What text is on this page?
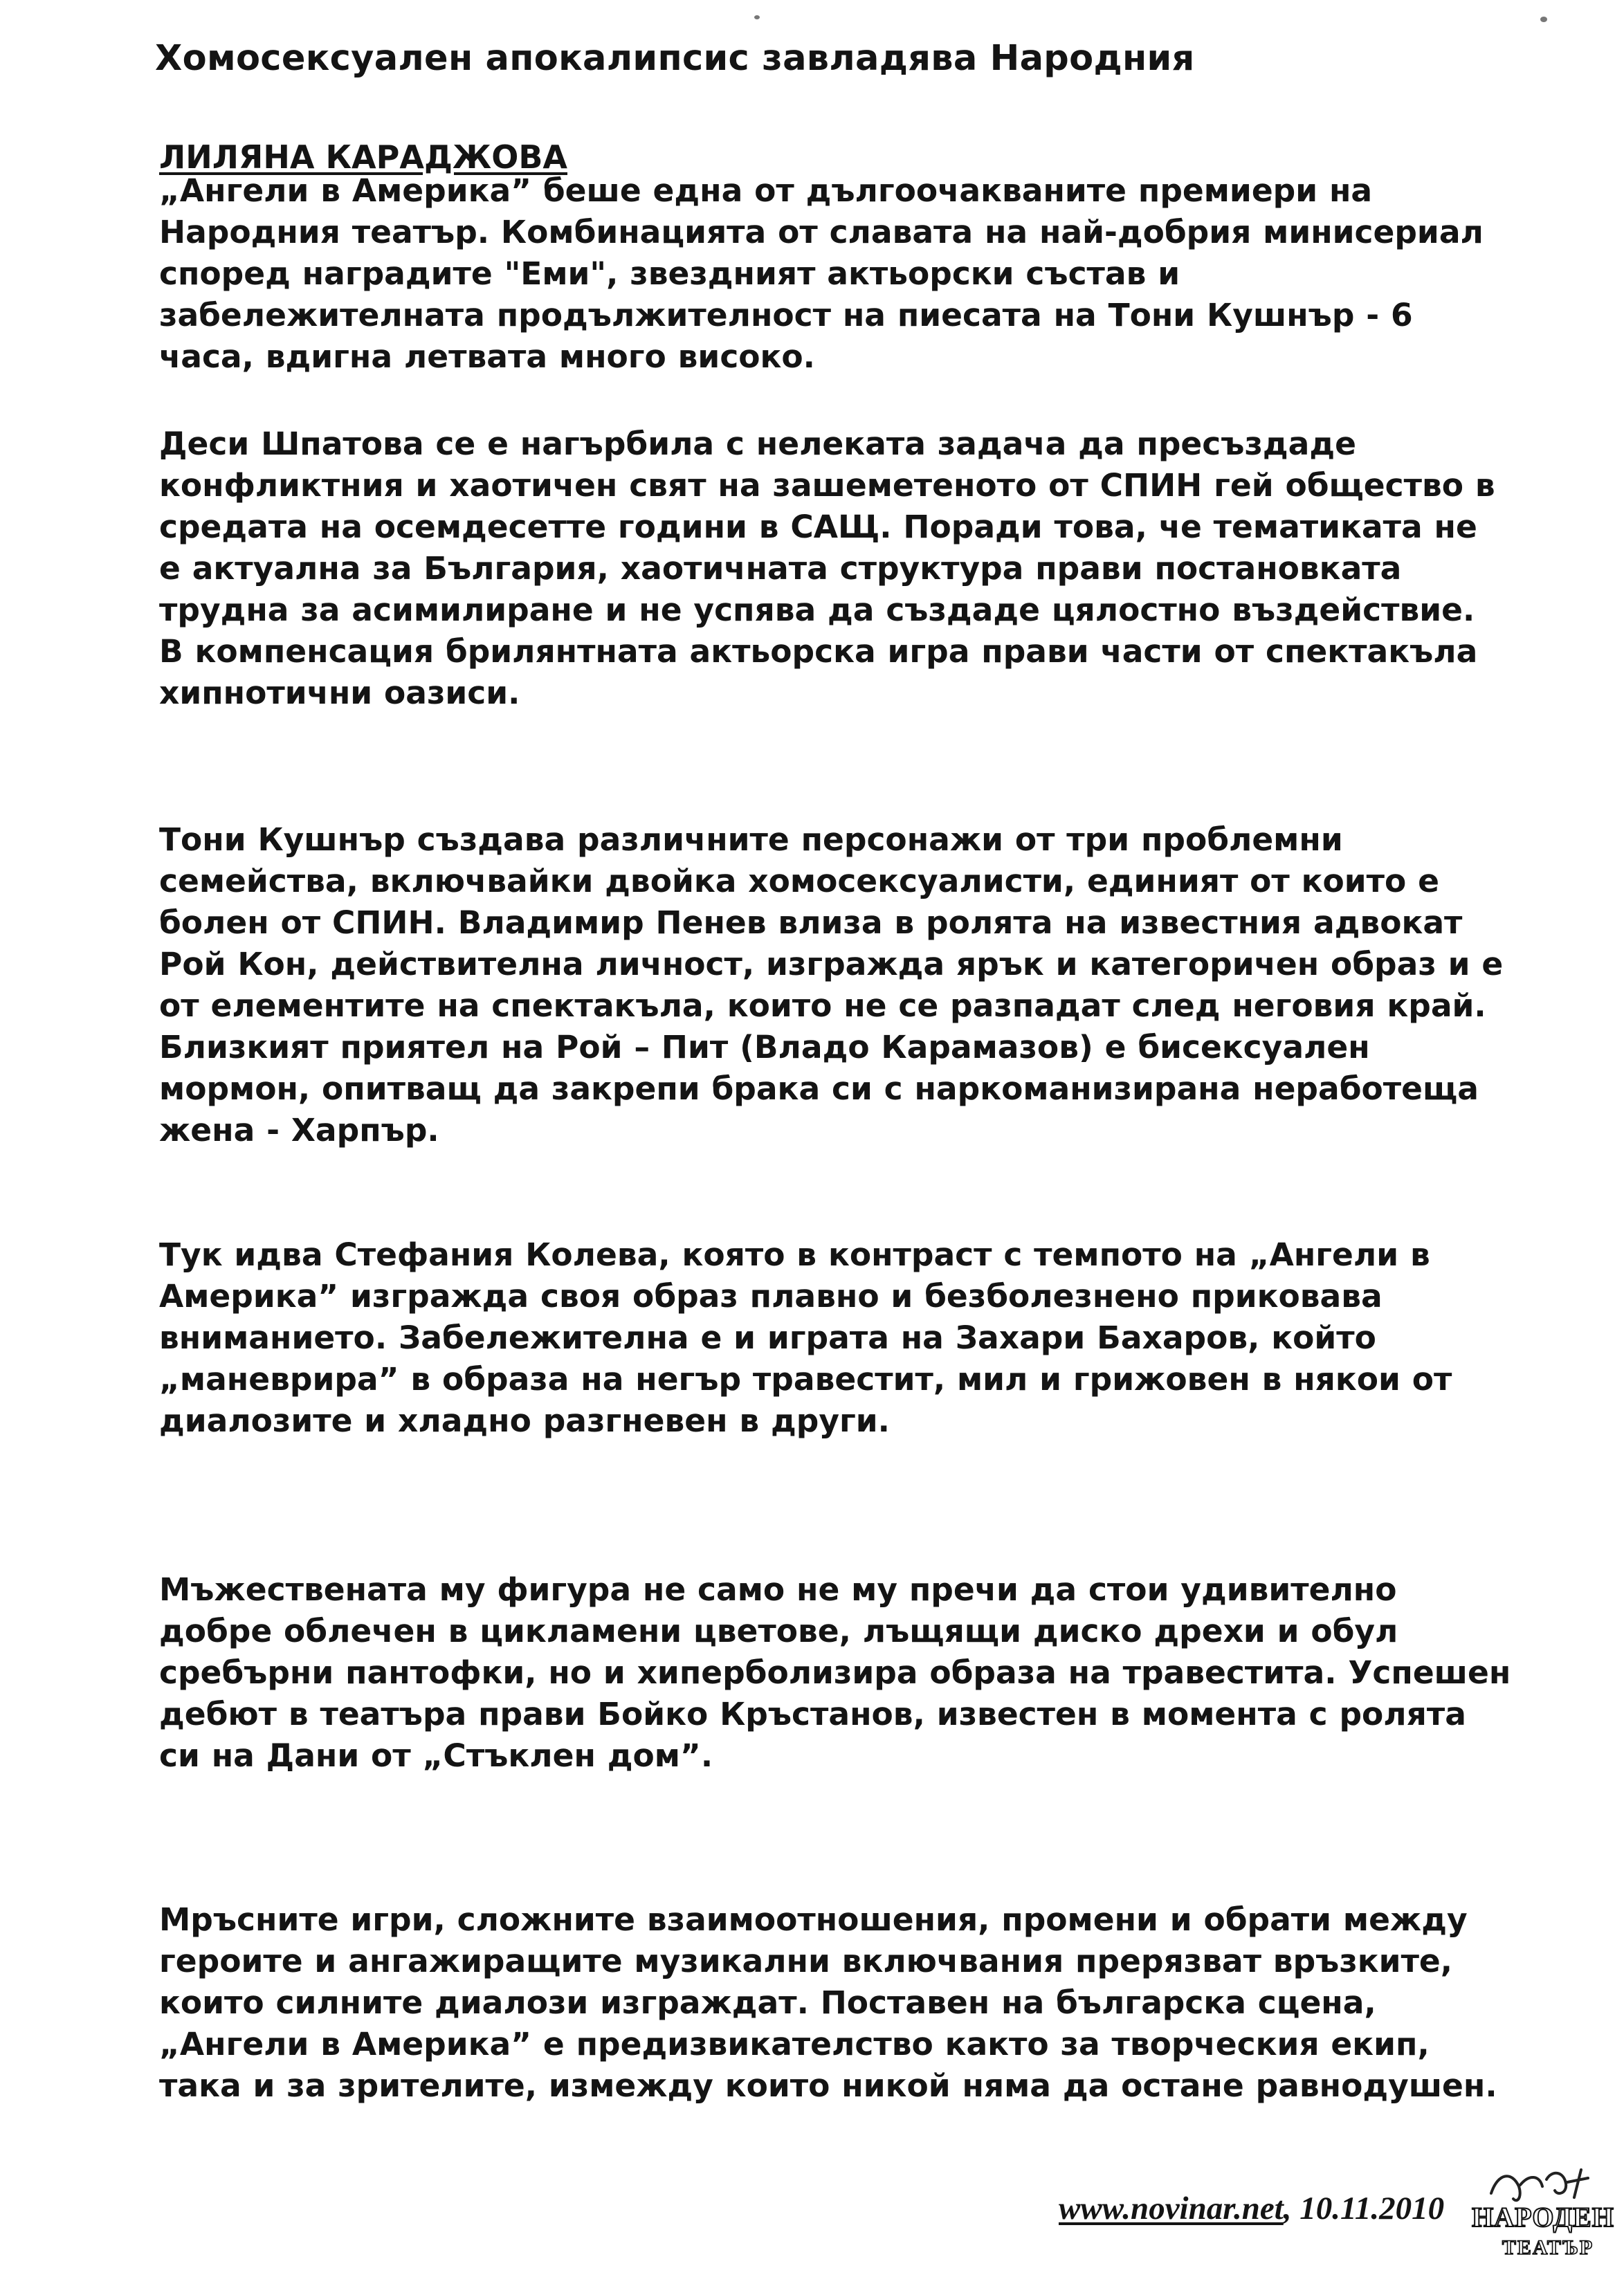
Хомосексуален апокалипсис завладява Народния
ЛИЛЯНА КАРАДЖОВА

„Ангели в Америка” беше една от дългоочакваните премиери на Народния театър. Комбинацията от славата на най-добрия минисериал според наградите "Еми", звездният актьорски състав и забележителната продължителност на пиесата на Тони Кушнър - 6 часа, вдигна летвата много високо.

Деси Шпатова се е нагърбила с нелеката задача да пресъздаде конфликтния и хаотичен свят на зашеметеното от СПИН гей общество в средата на осемдесетте години в САЩ. Поради това, че тематиката не е актуална за България, хаотичната структура прави постановката трудна за асимилиране и не успява да създаде цялостно въздействие. В компенсация брилянтната актьорска игра прави части от спектакъла хипнотични оазиси.

Тони Кушнър създава различните персонажи от три проблемни семейства, включвайки двойка хомосексуалисти, единият от които е болен от СПИН. Владимир Пенев влиза в ролята на известния адвокат Рой Кон, действителна личност, изгражда ярък и категоричен образ и е от елементите на спектакъла, които не се разпадат след неговия край. Близкият приятел на Рой – Пит (Владо Карамазов) е бисексуален мормон, опитващ да закрепи брака си с наркоманизирана неработеща жена - Харпър.

Тук идва Стефания Колева, която в контраст с темпото на „Ангели в Америка” изгражда своя образ плавно и безболезнено приковава вниманието. Забележителна е и играта на Захари Бахаров, който „маневрира” в образа на негър травестит, мил и грижовен в някои от диалозите и хладно разгневен в други.

Мъжествената му фигура не само не му пречи да стои удивително добре облечен в цикламени цветове, лъщящи диско дрехи и обул сребърни пантофки, но и хиперболизира образа на травестита. Успешен дебют в театъра прави Бойко Кръстанов, известен в момента с ролята си на Дани от „Стъклен дом”.

Мръсните игри, сложните взаимоотношения, промени и обрати между героите и ангажиращите музикални включвания прерязват връзките, които силните диалози изграждат. Поставен на българска сцена, „Ангели в Америка” е предизвикателство както за творческия екип, така и за зрителите, измежду които никой няма да остане равнодушен.

www.novinar.net, 10.11.2010 НАРОДЕН
ТЕАТЪР
